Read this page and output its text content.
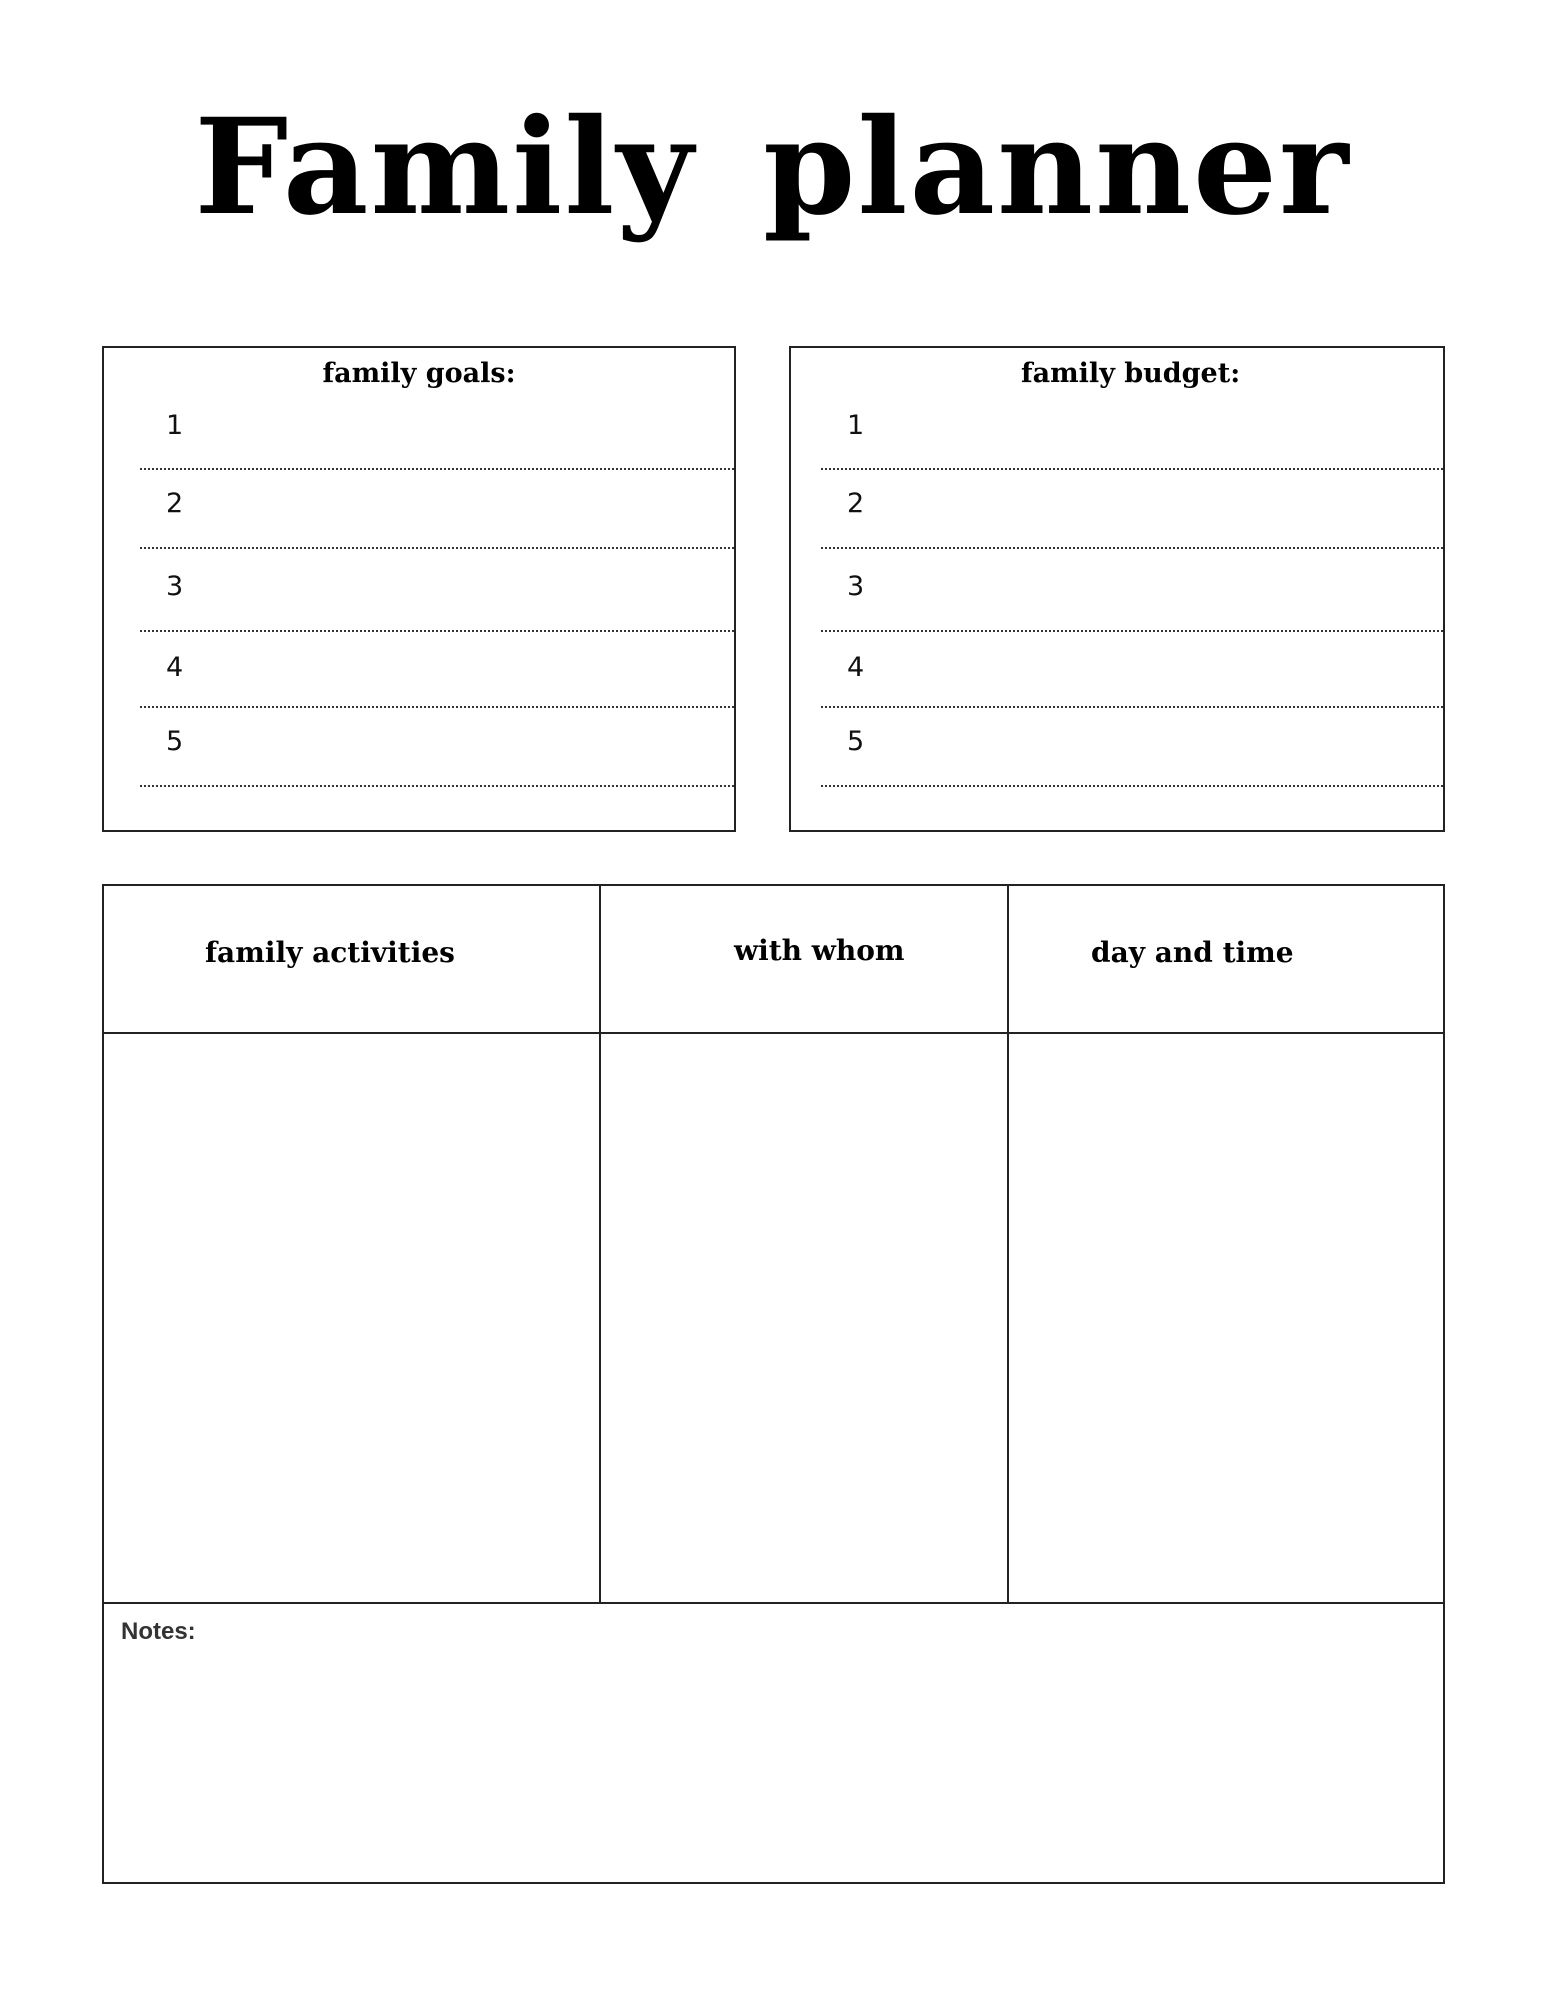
Family planner
family goals:
1
2
3
4
5
family budget:
1
2
3
4
5
family activities	with whom	day and time
Notes:
